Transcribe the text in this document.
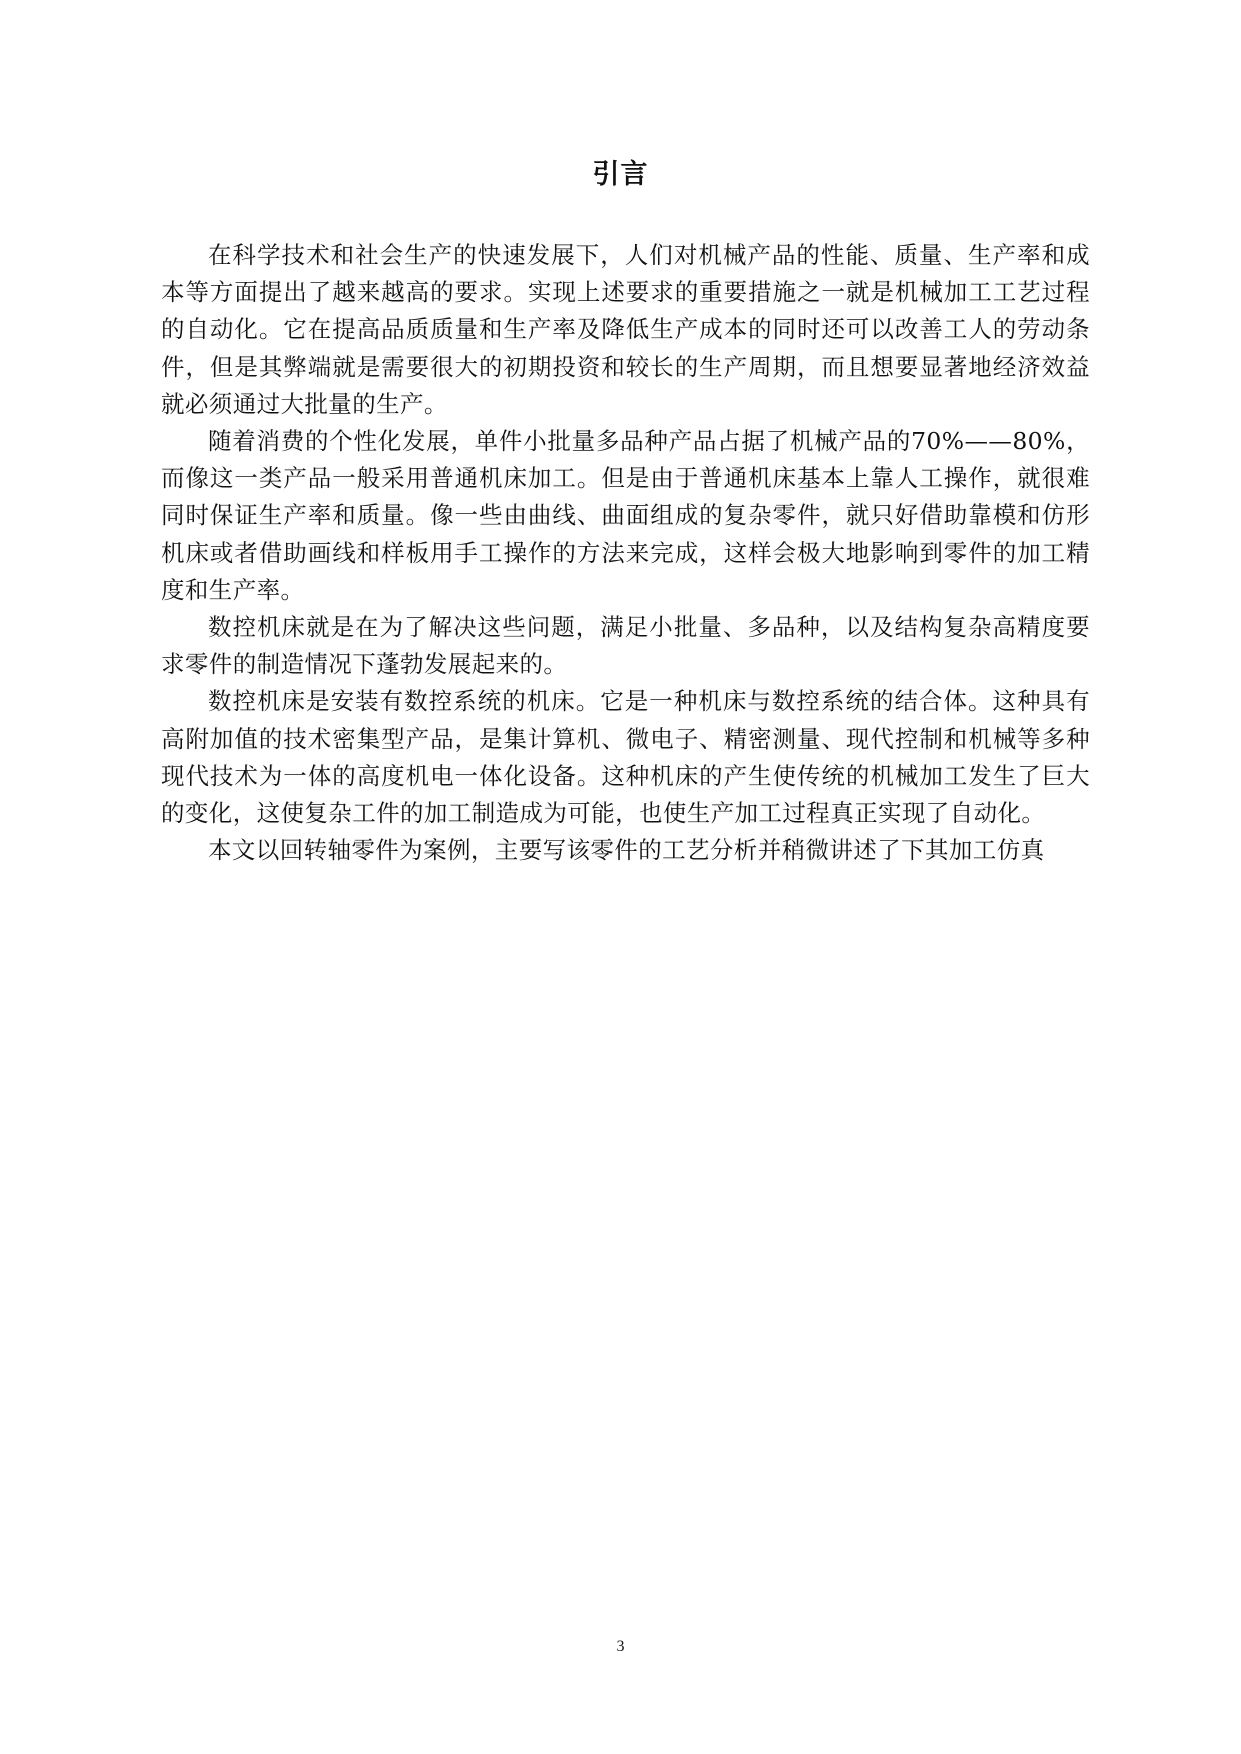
引言

在科学技术和社会生产的快速发展下，人们对机械产品的性能、质量、生产率和成本等方面提出了越来越高的要求。实现上述要求的重要措施之一就是机械加工工艺过程的自动化。它在提高品质质量和生产率及降低生产成本的同时还可以改善工人的劳动条件，但是其弊端就是需要很大的初期投资和较长的生产周期，而且想要显著地经济效益就必须通过大批量的生产。

随着消费的个性化发展，单件小批量多品种产品占据了机械产品的70%——80%，而像这一类产品一般采用普通机床加工。但是由于普通机床基本上靠人工操作，就很难同时保证生产率和质量。像一些由曲线、曲面组成的复杂零件，就只好借助靠模和仿形机床或者借助画线和样板用手工操作的方法来完成，这样会极大地影响到零件的加工精度和生产率。

数控机床就是在为了解决这些问题，满足小批量、多品种，以及结构复杂高精度要求零件的制造情况下蓬勃发展起来的。

数控机床是安装有数控系统的机床。它是一种机床与数控系统的结合体。这种具有高附加值的技术密集型产品，是集计算机、微电子、精密测量、现代控制和机械等多种现代技术为一体的高度机电一体化设备。这种机床的产生使传统的机械加工发生了巨大的变化，这使复杂工件的加工制造成为可能，也使生产加工过程真正实现了自动化。

本文以回转轴零件为案例，主要写该零件的工艺分析并稍微讲述了下其加工仿真

3
